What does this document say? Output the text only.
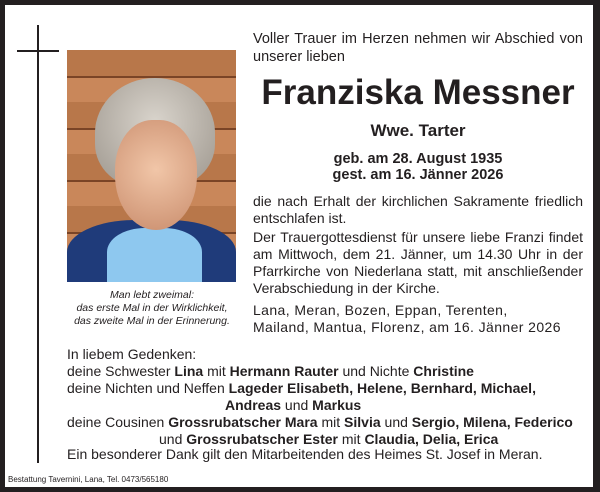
Man lebt zweimal:
das erste Mal in der Wirklichkeit,
das zweite Mal in der Erinnerung.
Voller Trauer im Herzen nehmen wir Abschied von unserer lieben
Franziska Messner
Wwe. Tarter
geb. am 28. August 1935
gest. am 16. Jänner 2026
die nach Erhalt der kirchlichen Sakramente friedlich entschlafen ist.
Der Trauergottesdienst für unsere liebe Franzi findet am Mittwoch, dem 21. Jänner, um 14.30 Uhr in der Pfarrkirche von Niederlana statt, mit anschließender Verabschiedung in der Kirche.
Lana, Meran, Bozen, Eppan, Terenten,
Mailand, Mantua, Florenz, am 16. Jänner 2026
In liebem Gedenken:
deine Schwester Lina mit Hermann Rauter und Nichte Christine
deine Nichten und Neffen Lageder Elisabeth, Helene, Bernhard, Michael,
Andreas und Markus
deine Cousinen Grossrubatscher Mara mit Silvia und Sergio, Milena, Federico
und Grossrubatscher Ester mit Claudia, Delia, Erica
Ein besonderer Dank gilt den Mitarbeitenden des Heimes St. Josef in Meran.
Bestattung Tavernini, Lana, Tel. 0473/565180
